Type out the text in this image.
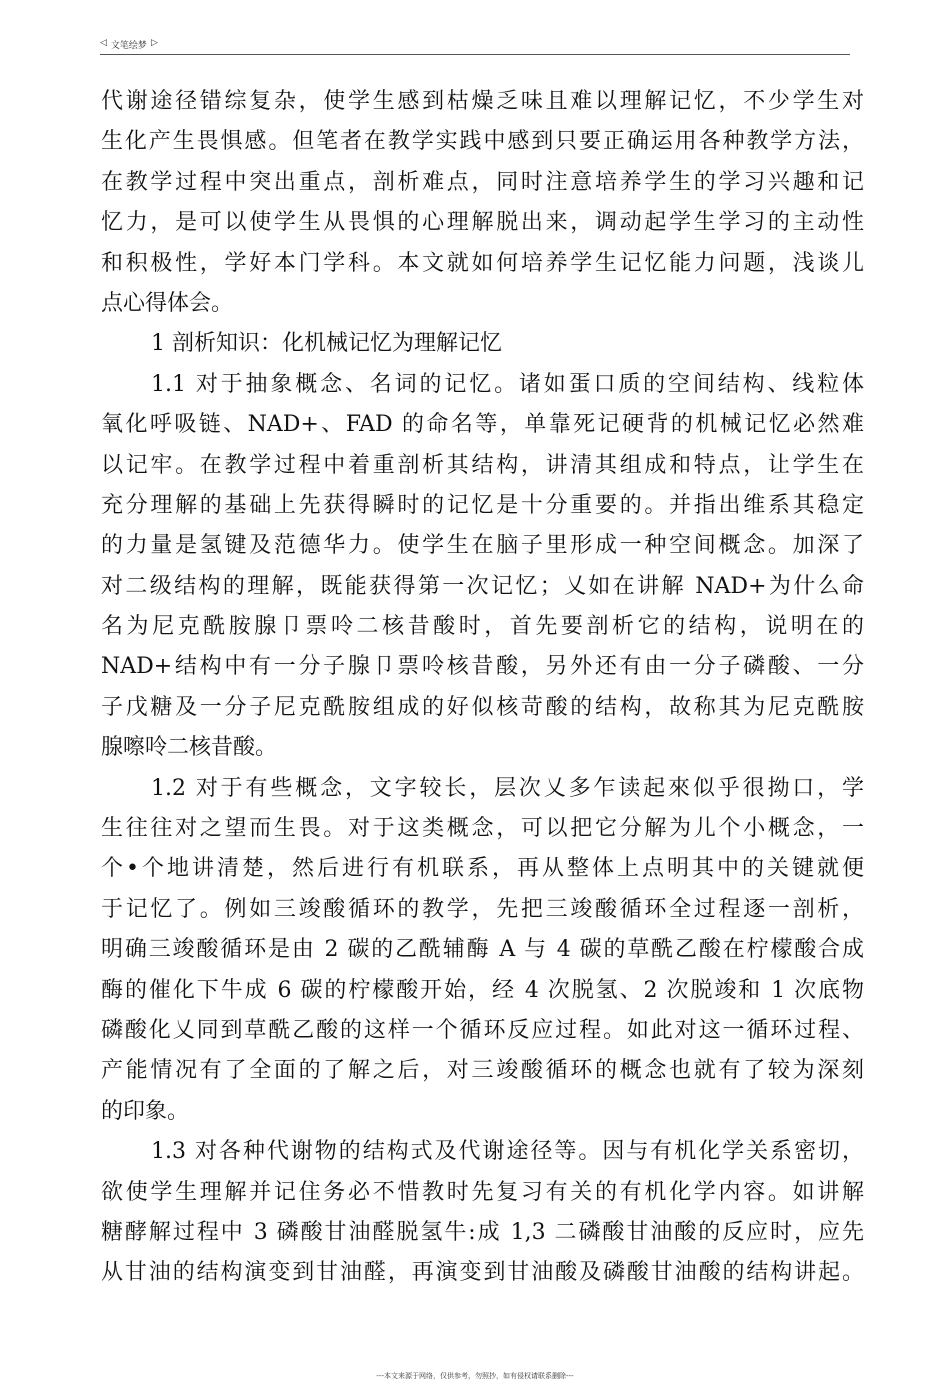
◁ 文笔绘梦 ▷
代谢途径错综复杂，使学生感到枯燥乏味且难以理解记忆，不少学生对
生化产生畏惧感。但笔者在教学实践中感到只要正确运用各种教学方法，
在教学过程中突出重点，剖析难点，同时注意培养学生的学习兴趣和记
忆力，是可以使学生从畏惧的心理解脱出来，调动起学生学习的主动性
和积极性，学好本门学科。本文就如何培养学生记忆能力问题，浅谈儿
点心得体会。
1 剖析知识：化机械记忆为理解记忆
1.1 对于抽象概念、名词的记忆。诸如蛋口质的空间结构、线粒体
氧化呼吸链、NAD+、FAD 的命名等，单靠死记硬背的机械记忆必然难
以记牢。在教学过程中着重剖析其结构，讲清其组成和特点，让学生在
充分理解的基础上先获得瞬时的记忆是十分重要的。并指出维系其稳定
的力量是氢键及范德华力。使学生在脑子里形成一种空间概念。加深了
对二级结构的理解，既能获得第一次记忆；乂如在讲解 NAD+为什么命
名为尼克酰胺腺卩票呤二核昔酸时，首先要剖析它的结构，说明在的
NAD+结构中有一分子腺卩票呤核昔酸，另外还有由一分子磷酸、一分
子戊糖及一分子尼克酰胺组成的好似核苛酸的结构，故称其为尼克酰胺
腺嚓呤二核昔酸。
1.2 对于有些概念，文字较长，层次乂多乍读起來似乎很拗口，学
生往往对之望而生畏。对于这类概念，可以把它分解为儿个小概念，一
个•个地讲清楚，然后进行有机联系，再从整体上点明其中的关键就便
于记忆了。例如三竣酸循环的教学，先把三竣酸循环全过程逐一剖析，
明确三竣酸循环是由 2 碳的乙酰辅酶 A 与 4 碳的草酰乙酸在柠檬酸合成
酶的催化下牛成 6 碳的柠檬酸开始，经 4 次脱氢、2 次脱竣和 1 次底物
磷酸化乂同到草酰乙酸的这样一个循环反应过程。如此对这一循环过程、
产能情况有了全面的了解之后，对三竣酸循环的概念也就有了较为深刻
的印象。
1.3 对各种代谢物的结构式及代谢途径等。因与有机化学关系密切，
欲使学生理解并记住务必不惜教时先复习有关的有机化学内容。如讲解
糖酵解过程中 3 磷酸甘油醛脱氢牛:成 1,3 二磷酸甘油酸的反应时，应先
从甘油的结构演变到甘油醛，再演变到甘油酸及磷酸甘油酸的结构讲起。
---本文来源于网络，仅供参考，勿照抄，如有侵权请联系删除---
